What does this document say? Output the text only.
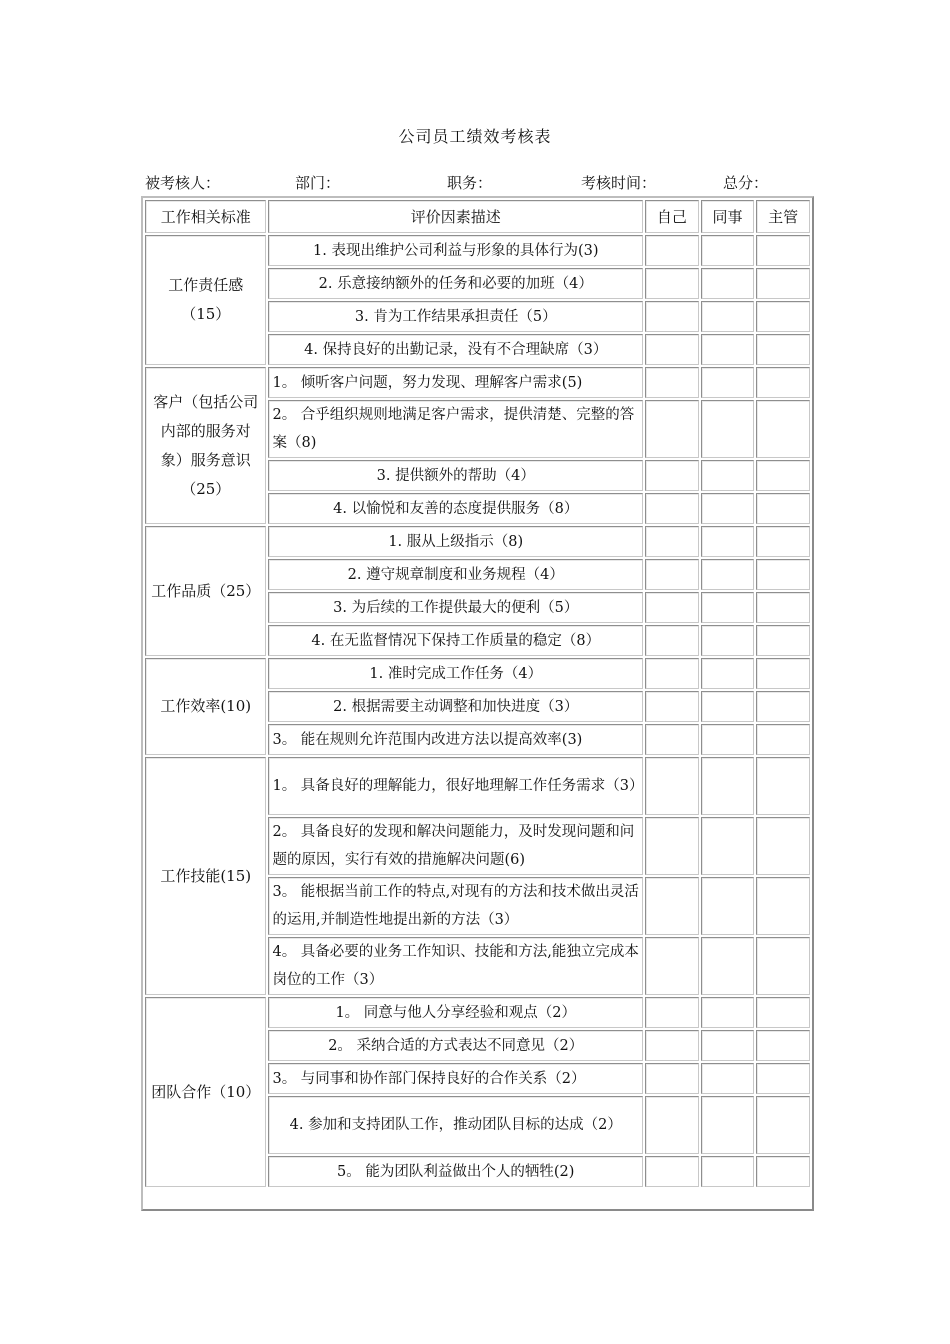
公司员工绩效考核表
被考核人：	部门：	职务：	考核时间：	总分：
工作相关标准	评价因素描述	自己	同事	主管

工作责任感
（15）	1. 表现出维护公司利益与形象的具体行为(3)			
	2. 乐意接纳额外的任务和必要的加班（4）			
	3. 肯为工作结果承担责任（5）			
	4. 保持良好的出勤记录，没有不合理缺席（3）			

客户（包括公司
内部的服务对
象）服务意识
（25）	1。 倾听客户问题，努力发现、理解客户需求(5)			
	2。 合乎组织规则地满足客户需求，提供清楚、完整的答案（8)			
	3. 提供额外的帮助（4）			
	4. 以愉悦和友善的态度提供服务（8）			

工作品质（25）	1. 服从上级指示（8)			
	2. 遵守规章制度和业务规程（4）			
	3. 为后续的工作提供最大的便利（5）			
	4. 在无监督情况下保持工作质量的稳定（8）			

工作效率(10)	1. 准时完成工作任务（4）			
	2. 根据需要主动调整和加快进度（3）			
	3。 能在规则允许范围内改进方法以提高效率(3)			

工作技能(15)	1。 具备良好的理解能力，很好地理解工作任务需求（3）			
	2。 具备良好的发现和解决问题能力，及时发现问题和问题的原因，实行有效的措施解决问题(6)			
	3。 能根据当前工作的特点,对现有的方法和技术做出灵活的运用,并制造性地提出新的方法（3）			
	4。 具备必要的业务工作知识、技能和方法,能独立完成本岗位的工作（3）			

团队合作（10）	1。 同意与他人分享经验和观点（2）			
	2。 采纳合适的方式表达不同意见（2）			
	3。 与同事和协作部门保持良好的合作关系（2）			
	4. 参加和支持团队工作，推动团队目标的达成（2）			
	5。 能为团队利益做出个人的牺牲(2)			
